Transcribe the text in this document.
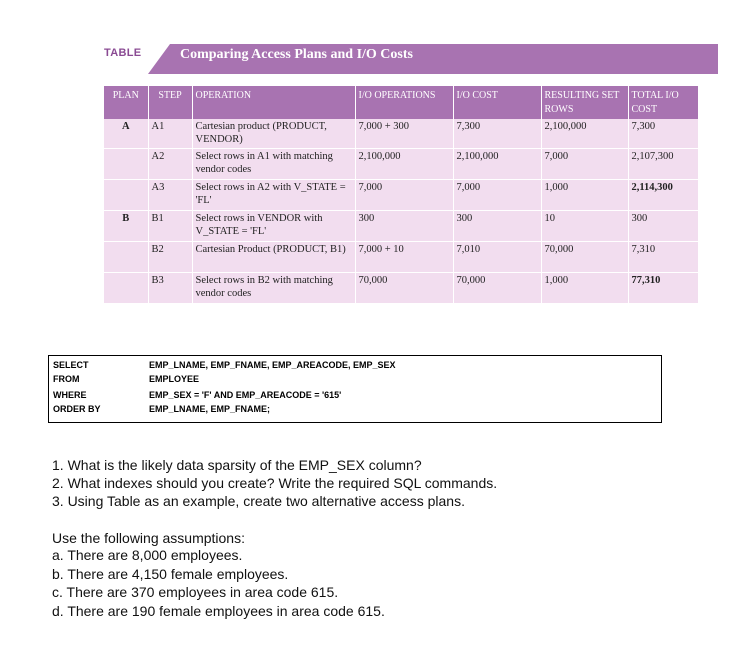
TABLE	Comparing Access Plans and I/O Costs
PLAN	STEP	OPERATION	I/O OPERATIONS	I/O COST	RESULTING SET ROWS	TOTAL I/O COST
A	A1	Cartesian product (PRODUCT, VENDOR)	7,000 + 300	7,300	2,100,000	7,300
	A2	Select rows in A1 with matching vendor codes	2,100,000	2,100,000	7,000	2,107,300
	A3	Select rows in A2 with V_STATE = 'FL'	7,000	7,000	1,000	2,114,300
B	B1	Select rows in VENDOR with V_STATE = 'FL'	300	300	10	300
	B2	Cartesian Product (PRODUCT, B1)	7,000 + 10	7,010	70,000	7,310
	B3	Select rows in B2 with matching vendor codes	70,000	70,000	1,000	77,310
SELECT	EMP_LNAME, EMP_FNAME, EMP_AREACODE, EMP_SEX
FROM	EMPLOYEE
WHERE	EMP_SEX = 'F' AND EMP_AREACODE = '615'
ORDER BY	EMP_LNAME, EMP_FNAME;
1. What is the likely data sparsity of the EMP_SEX column?
2. What indexes should you create? Write the required SQL commands.
3. Using Table as an example, create two alternative access plans.
Use the following assumptions:
a. There are 8,000 employees.
b. There are 4,150 female employees.
c. There are 370 employees in area code 615.
d. There are 190 female employees in area code 615.
